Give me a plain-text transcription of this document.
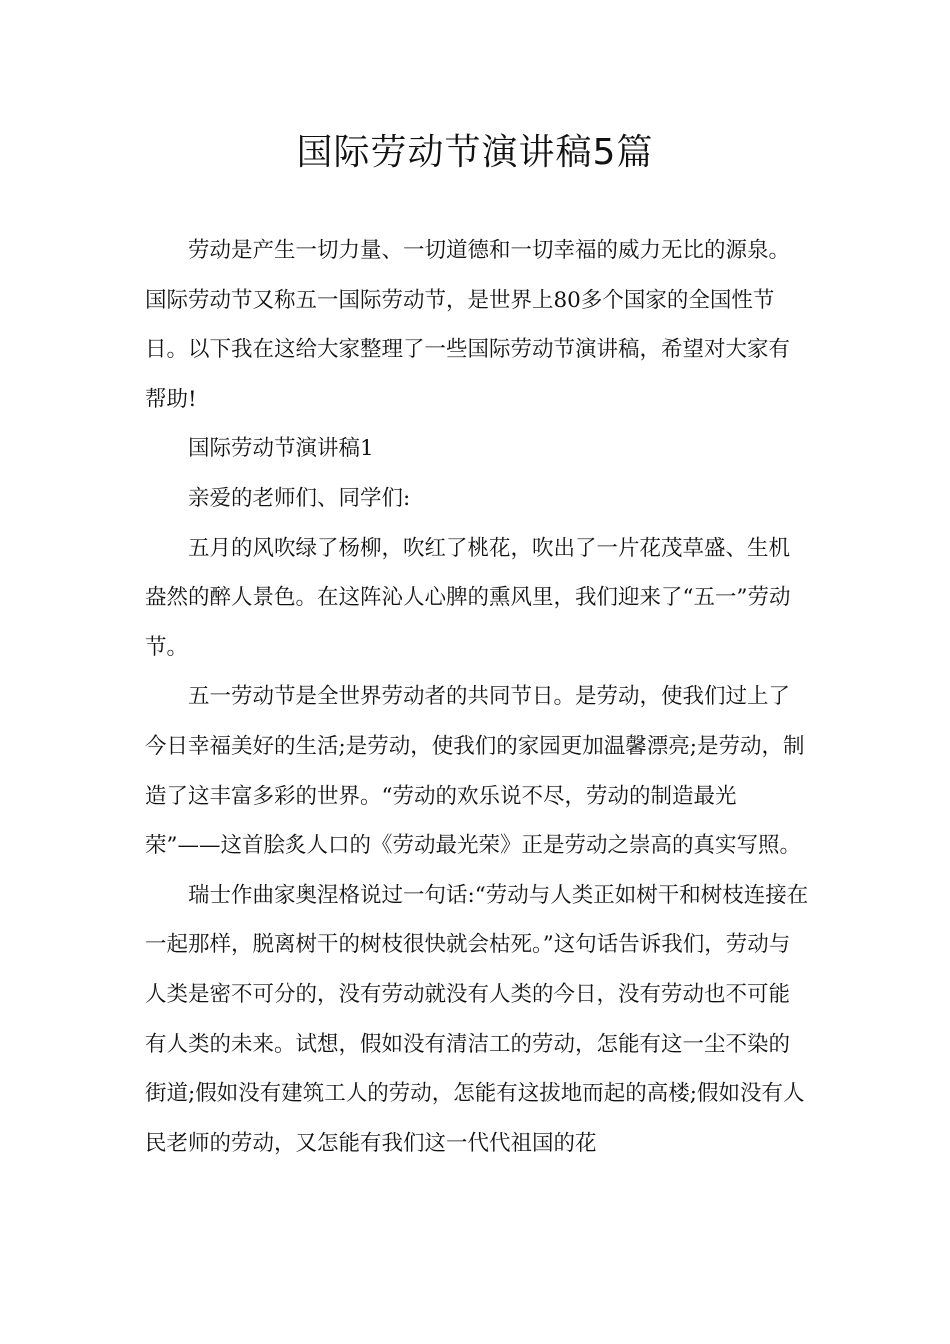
国际劳动节演讲稿5篇

劳动是产生一切力量、一切道德和一切幸福的威力无比的源泉。国际劳动节又称五一国际劳动节，是世界上80多个国家的全国性节日。以下我在这给大家整理了一些国际劳动节演讲稿，希望对大家有帮助!

国际劳动节演讲稿1

亲爱的老师们、同学们:

五月的风吹绿了杨柳，吹红了桃花，吹出了一片花茂草盛、生机盎然的醉人景色。在这阵沁人心脾的熏风里，我们迎来了“五一”劳动节。

五一劳动节是全世界劳动者的共同节日。是劳动，使我们过上了今日幸福美好的生活;是劳动，使我们的家园更加温馨漂亮;是劳动，制造了这丰富多彩的世界。“劳动的欢乐说不尽，劳动的制造最光荣”——这首脍炙人口的《劳动最光荣》正是劳动之崇高的真实写照。

瑞士作曲家奥涅格说过一句话:“劳动与人类正如树干和树枝连接在一起那样，脱离树干的树枝很快就会枯死。”这句话告诉我们，劳动与人类是密不可分的，没有劳动就没有人类的今日，没有劳动也不可能有人类的未来。试想，假如没有清洁工的劳动，怎能有这一尘不染的街道;假如没有建筑工人的劳动，怎能有这拔地而起的高楼;假如没有人民老师的劳动，又怎能有我们这一代代祖国的花
